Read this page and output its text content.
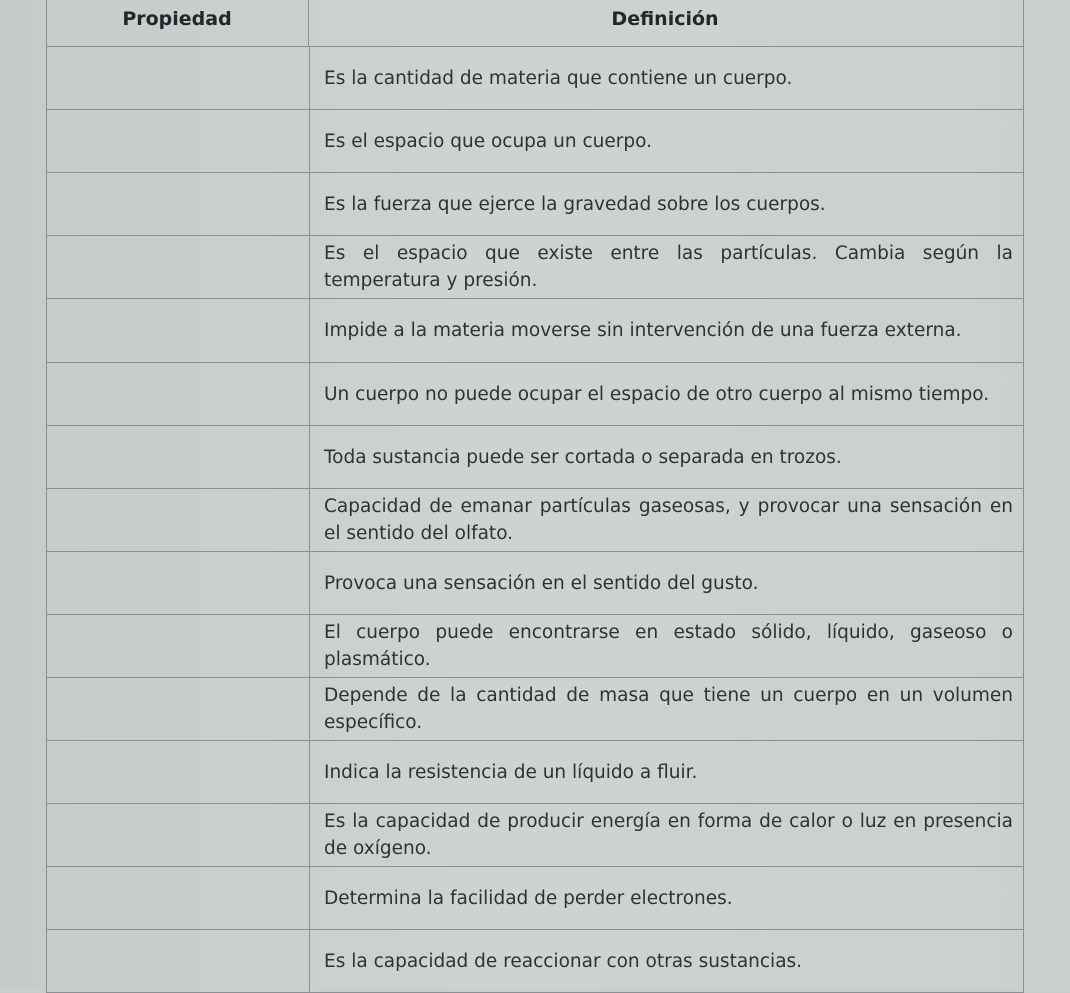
Propiedad	Definición
	Es la cantidad de materia que contiene un cuerpo.
	Es el espacio que ocupa un cuerpo.
	Es la fuerza que ejerce la gravedad sobre los cuerpos.
	Es el espacio que existe entre las partículas. Cambia según la temperatura y presión.
	Impide a la materia moverse sin intervención de una fuerza externa.
	Un cuerpo no puede ocupar el espacio de otro cuerpo al mismo tiempo.
	Toda sustancia puede ser cortada o separada en trozos.
	Capacidad de emanar partículas gaseosas, y provocar una sensación en el sentido del olfato.
	Provoca una sensación en el sentido del gusto.
	El cuerpo puede encontrarse en estado sólido, líquido, gaseoso o plasmático.
	Depende de la cantidad de masa que tiene un cuerpo en un volumen específico.
	Indica la resistencia de un líquido a fluir.
	Es la capacidad de producir energía en forma de calor o luz en presencia de oxígeno.
	Determina la facilidad de perder electrones.
	Es la capacidad de reaccionar con otras sustancias.
